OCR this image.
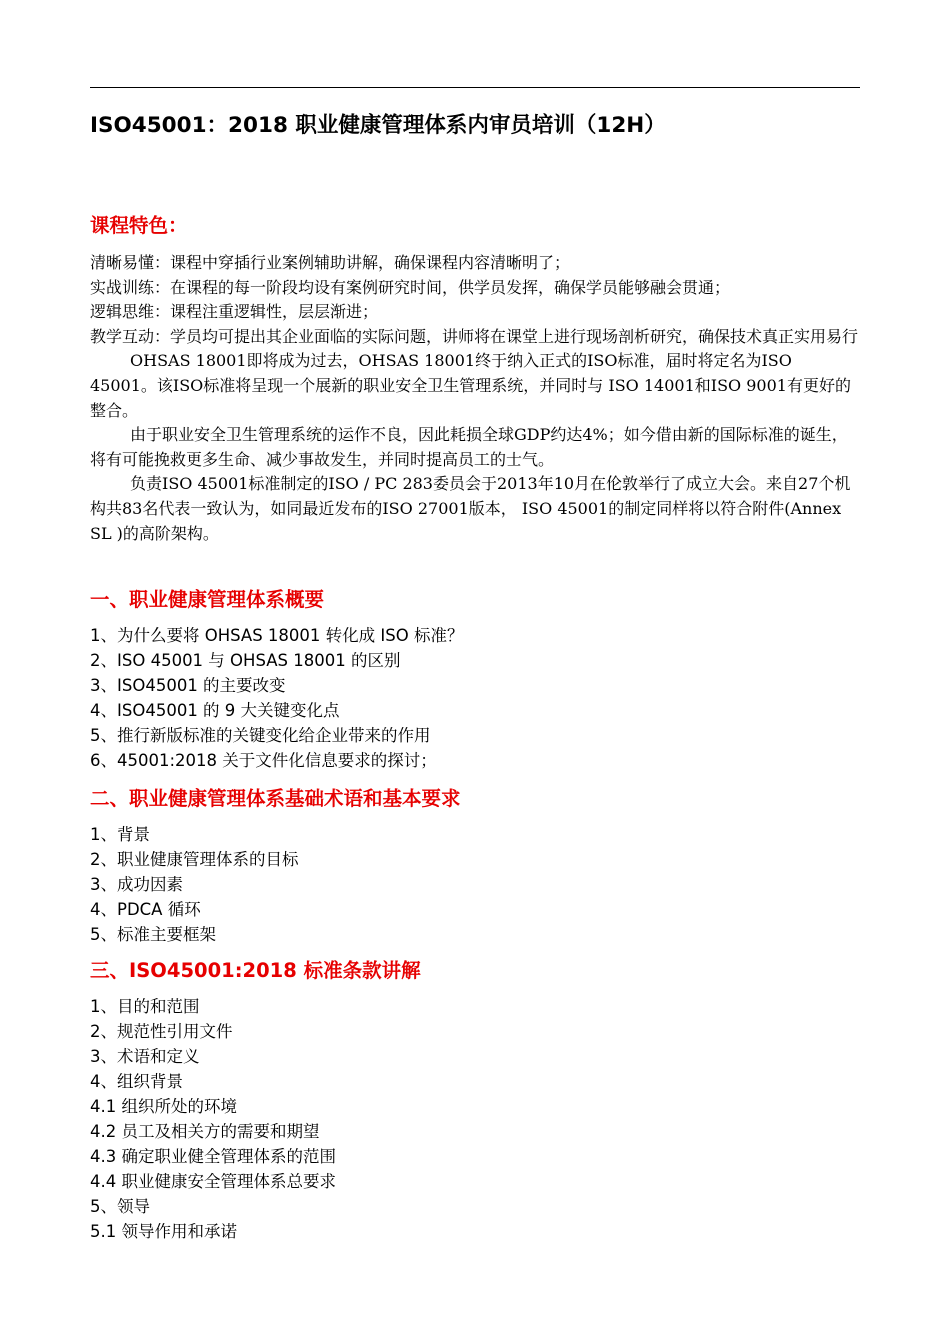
ISO45001：2018 职业健康管理体系内审员培训（12H）
课程特色：

清晰易懂：课程中穿插行业案例辅助讲解，确保课程内容清晰明了；

实战训练：在课程的每一阶段均设有案例研究时间，供学员发挥，确保学员能够融会贯通；

逻辑思维：课程注重逻辑性，层层渐进；

教学互动：学员均可提出其企业面临的实际问题，讲师将在课堂上进行现场剖析研究，确保技术真正实用易行

OHSAS 18001即将成为过去，OHSAS 18001终于纳入正式的ISO标准，届时将定名为ISO 45001。该ISO标准将呈现一个展新的职业安全卫生管理系统，并同时与 ISO 14001和ISO 9001有更好的整合。

由于职业安全卫生管理系统的运作不良，因此耗损全球GDP约达4%；如今借由新的国际标准的诞生，将有可能挽救更多生命、减少事故发生，并同时提高员工的士气。

负责ISO 45001标准制定的ISO / PC 283委员会于2013年10月在伦敦举行了成立大会。来自27个机构共83名代表一致认为，如同最近发布的ISO 27001版本， ISO 45001的制定同样将以符合附件(Annex SL )的高阶架构。

一、职业健康管理体系概要
1、为什么要将 OHSAS 18001 转化成 ISO 标准？
2、ISO 45001 与 OHSAS 18001 的区别
3、ISO45001 的主要改变
4、ISO45001 的 9 大关键变化点
5、推行新版标准的关键变化给企业带来的作用
6、45001:2018 关于文件化信息要求的探讨；
二、职业健康管理体系基础术语和基本要求
1、背景
2、职业健康管理体系的目标
3、成功因素
4、PDCA 循环
5、标准主要框架
三、ISO45001:2018 标准条款讲解
1、目的和范围
2、规范性引用文件
3、术语和定义
4、组织背景
4.1 组织所处的环境
4.2 员工及相关方的需要和期望
4.3 确定职业健全管理体系的范围
4.4 职业健康安全管理体系总要求
5、领导
5.1 领导作用和承诺
